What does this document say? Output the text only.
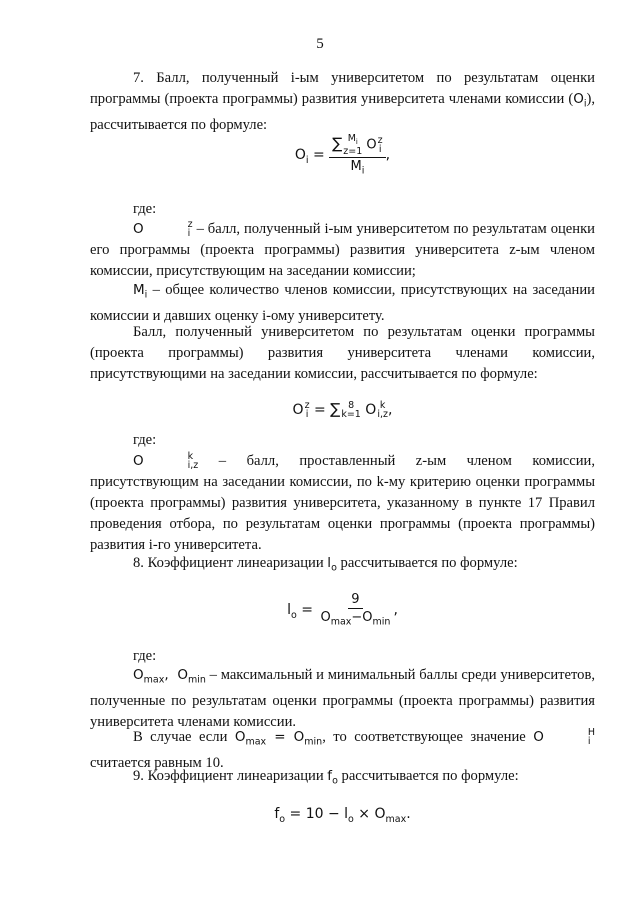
5
7. Балл, полученный i-ым университетом по результатам оценки программы (проекта программы) развития университета членами комиссии $(O_i)$, рассчитывается по формуле:
$O_i$ = ∑ $M_i$
z=1 O z
i
$M_i$ ,
где:
O	z
i – балл, полученный i-ым университетом по результатам оценки его программы (проекта программы) развития университета z-ым членом комиссии, присутствующим на заседании комиссии;
$M_i$ – общее количество членов комиссии, присутствующих на заседании комиссии и давших оценку i-ому университету.
Балл, полученный университетом по результатам оценки программы (проекта программы) развития университета членами комиссии, присутствующими на заседании комиссии, рассчитывается по формуле:
O z
i = ∑ 8
k=1 O k
i,z ,
где:
O	k
i,z – балл, проставленный z-ым членом комиссии, присутствующим на заседании комиссии, по k-му критерию оценки программы (проекта программы) развития университета, указанному в пункте 17 Правил проведения отбора, по результатам оценки программы (проекта программы) развития i-го университета.
8. Коэффициент линеаризации $l_o$ рассчитывается по формуле:
$l_o = \frac{9}{O_{max}-O_{min}}$ ,
где:
$O_{max}$,  $O_{min}$ – максимальный и минимальный баллы среди университетов, полученные по результатам оценки программы (проекта программы) развития университета членами комиссии.
В случае если $O_{max} = O_{min}$, то соответствующее значение O	H
i
считается равным 10.
9. Коэффициент линеаризации $f_o$ рассчитывается по формуле:
$f_o = 10 - l_o \times O_{max}$.
